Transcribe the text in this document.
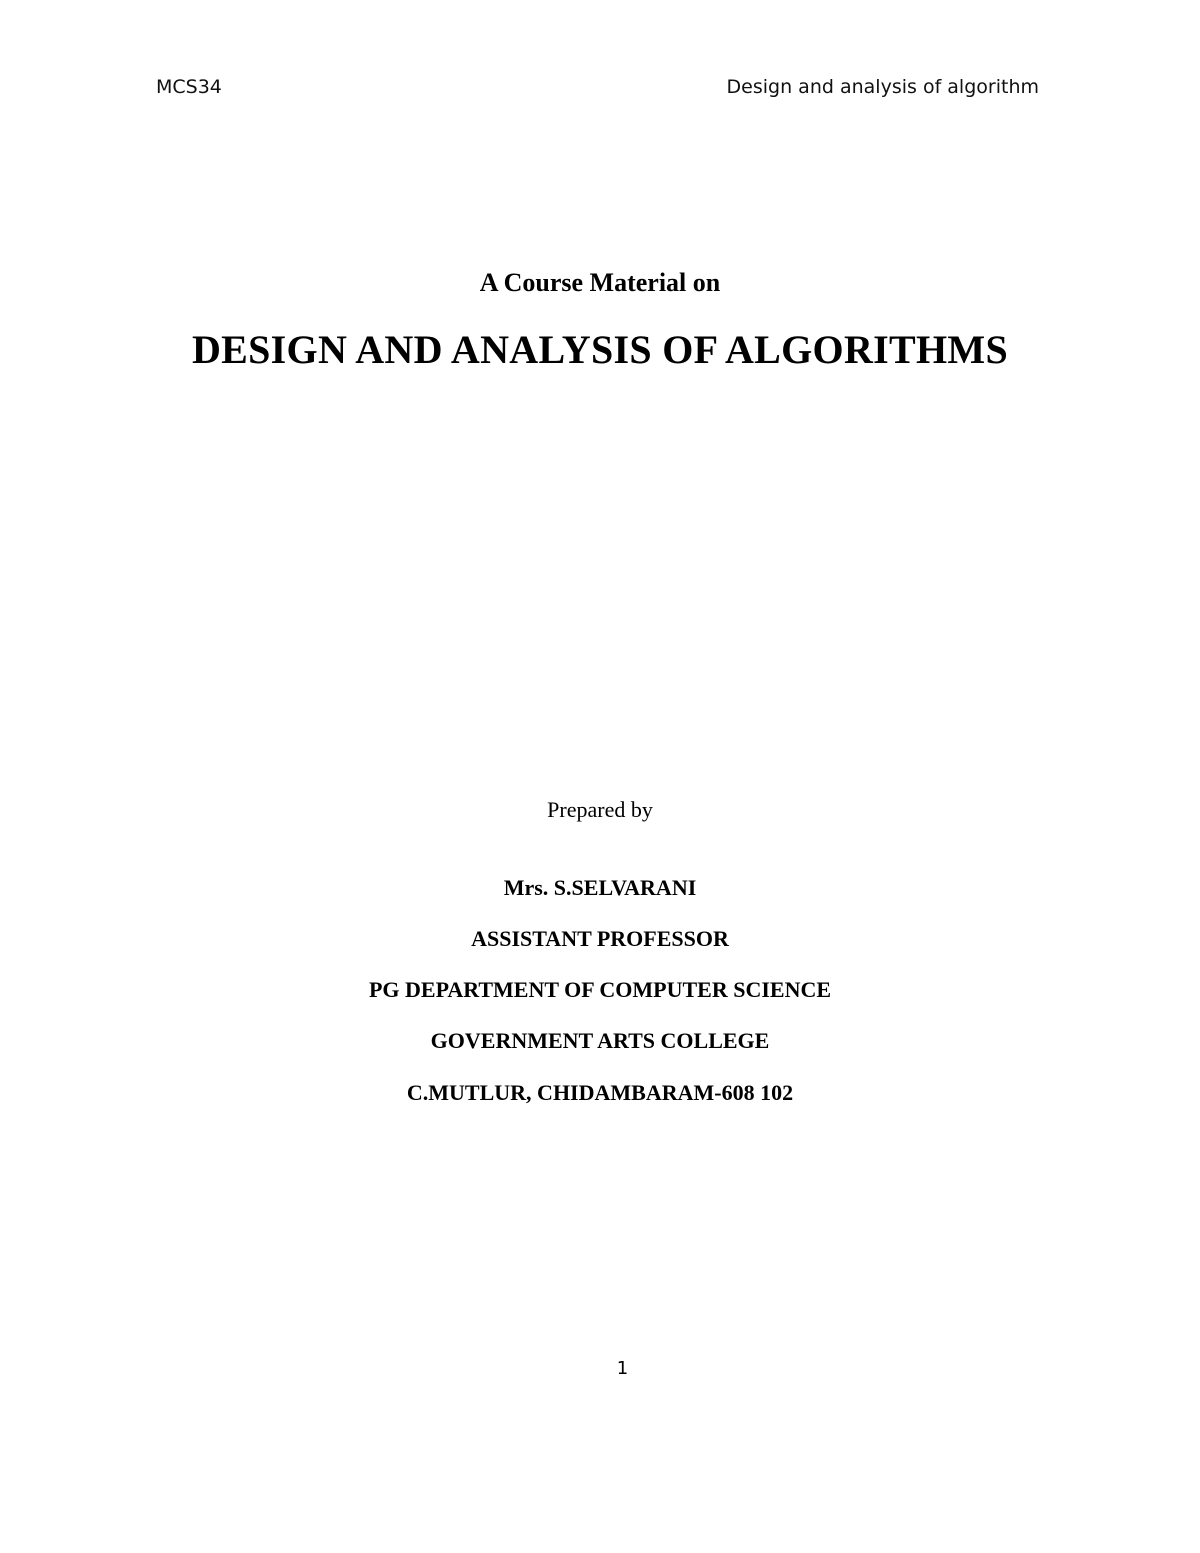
MCS34	Design and analysis of algorithm
A Course Material on
DESIGN AND ANALYSIS OF ALGORITHMS
Prepared by
Mrs. S.SELVARANI
ASSISTANT PROFESSOR
PG DEPARTMENT OF COMPUTER SCIENCE
GOVERNMENT ARTS COLLEGE
C.MUTLUR, CHIDAMBARAM-608 102
1
